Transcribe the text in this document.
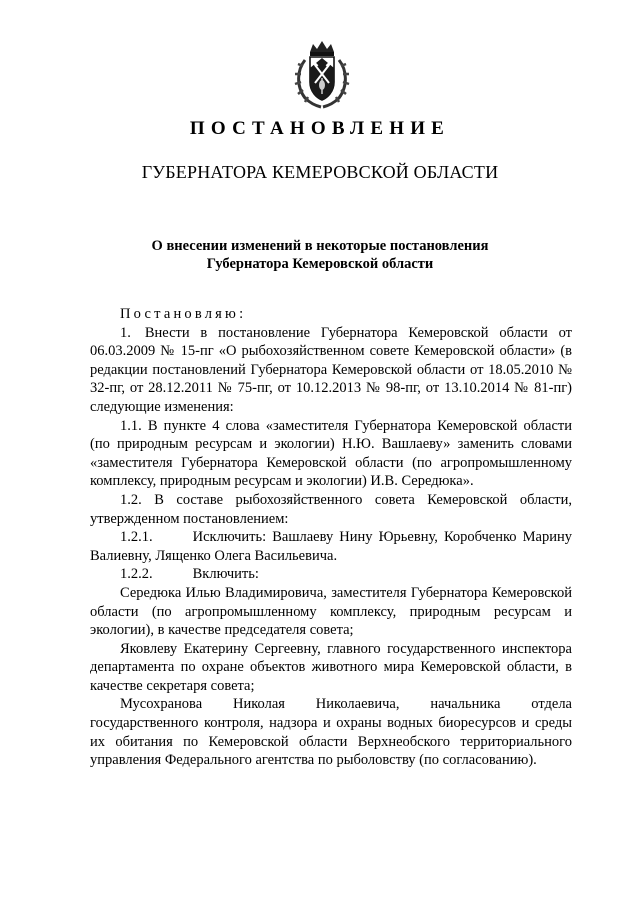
ПОСТАНОВЛЕНИЕ
ГУБЕРНАТОРА КЕМЕРОВСКОЙ ОБЛАСТИ
О внесении изменений в некоторые постановления
Губернатора Кемеровской области

Постановляю:

1. Внести в постановление Губернатора Кемеровской области от 06.03.2009 № 15-пг «О рыбохозяйственном совете Кемеровской области» (в редакции постановлений Губернатора Кемеровской области от 18.05.2010 № 32-пг, от 28.12.2011 № 75-пг, от 10.12.2013 № 98-пг, от 13.10.2014 № 81-пг) следующие изменения:

1.1. В пункте 4 слова «заместителя Губернатора Кемеровской области (по природным ресурсам и экологии) Н.Ю. Вашлаеву» заменить словами «заместителя Губернатора Кемеровской области (по агропромышленному комплексу, природным ресурсам и экологии) И.В. Середюка».

1.2. В составе рыбохозяйственного совета Кемеровской области, утвержденном постановлением:

1.2.1.	Исключить: Вашлаеву Нину Юрьевну, Коробченко Марину Валиевну, Лященко Олега Васильевича.

1.2.2.	Включить:

Середюка Илью Владимировича, заместителя Губернатора Кемеровской области (по агропромышленному комплексу, природным ресурсам и экологии), в качестве председателя совета;

Яковлеву Екатерину Сергеевну, главного государственного инспектора департамента по охране объектов животного мира Кемеровской области, в качестве секретаря совета;

Мусохранова Николая Николаевича, начальника отдела государственного контроля, надзора и охраны водных биоресурсов и среды их обитания по Кемеровской области Верхнеобского территориального управления Федерального агентства по рыболовству (по согласованию).
